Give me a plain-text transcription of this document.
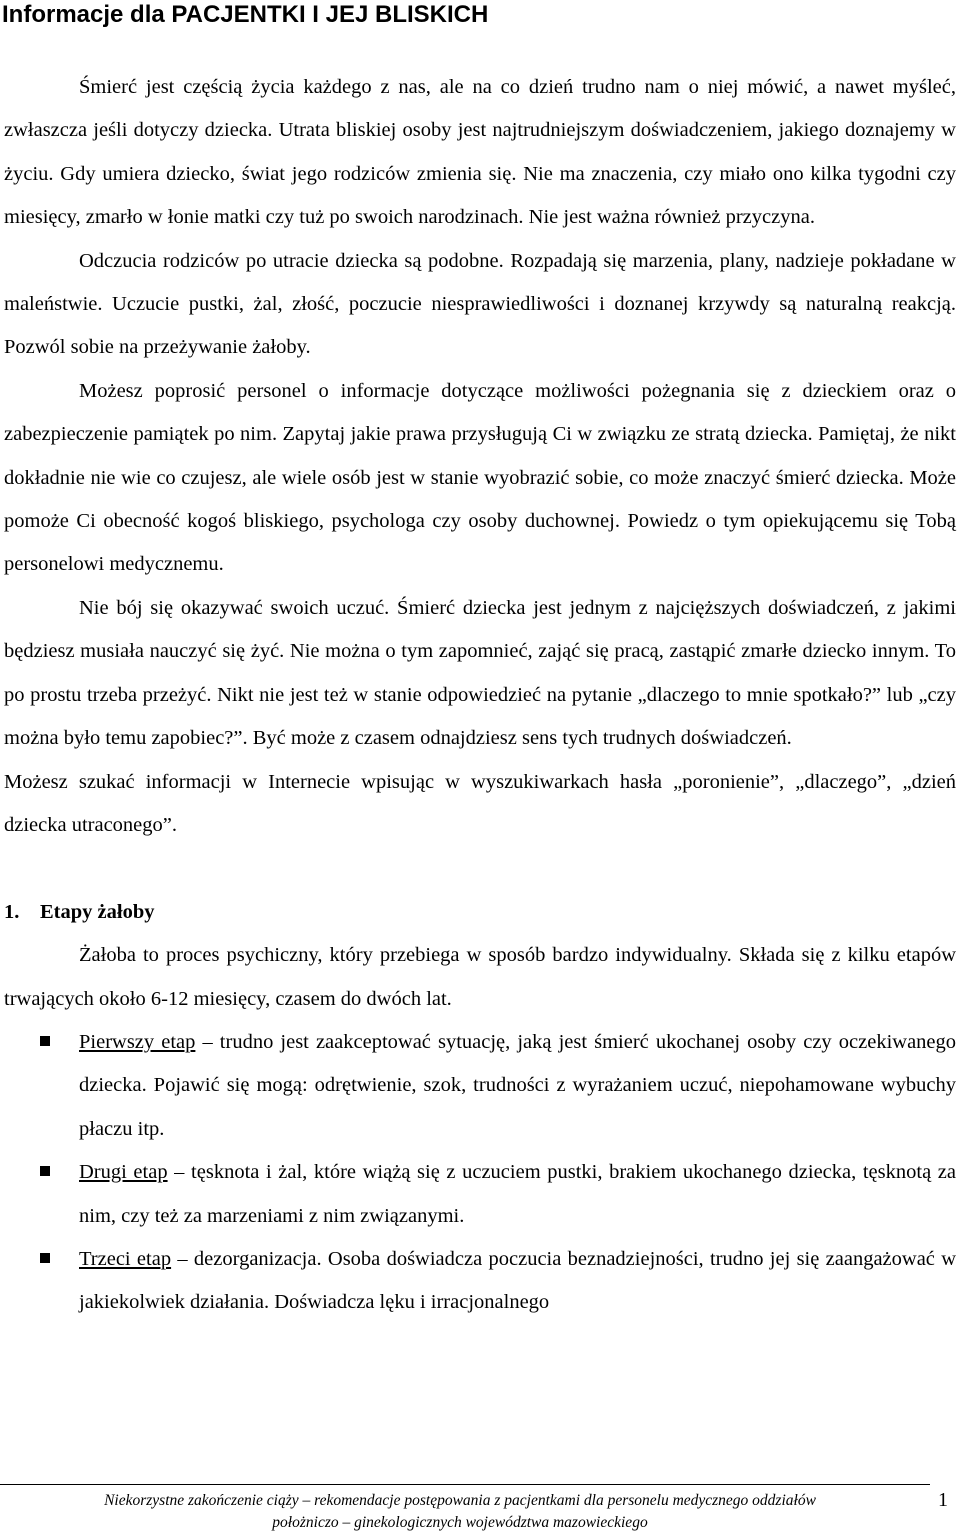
Informacje dla PACJENTKI I JEJ BLISKICH

Śmierć jest częścią życia każdego z nas, ale na co dzień trudno nam o niej mówić, a nawet myśleć, zwłaszcza jeśli dotyczy dziecka. Utrata bliskiej osoby jest najtrudniejszym doświadczeniem, jakiego doznajemy w życiu. Gdy umiera dziecko, świat jego rodziców zmienia się. Nie ma znaczenia, czy miało ono kilka tygodni czy miesięcy, zmarło w łonie matki czy tuż po swoich narodzinach. Nie jest ważna również przyczyna.

Odczucia rodziców po utracie dziecka są podobne. Rozpadają się marzenia, plany, nadzieje pokładane w maleństwie. Uczucie pustki, żal, złość, poczucie niesprawiedliwości i doznanej krzywdy są naturalną reakcją. Pozwól sobie na przeżywanie żałoby.

Możesz poprosić personel o informacje dotyczące możliwości pożegnania się z dzieckiem oraz o zabezpieczenie pamiątek po nim. Zapytaj jakie prawa przysługują Ci w związku ze stratą dziecka. Pamiętaj, że nikt dokładnie nie wie co czujesz, ale wiele osób jest w stanie wyobrazić sobie, co może znaczyć śmierć dziecka. Może pomoże Ci obecność kogoś bliskiego, psychologa czy osoby duchownej. Powiedz o tym opiekującemu się Tobą personelowi medycznemu.

Nie bój się okazywać swoich uczuć. Śmierć dziecka jest jednym z najcięższych doświadczeń, z jakimi będziesz musiała nauczyć się żyć. Nie można o tym zapomnieć, zająć się pracą, zastąpić zmarłe dziecko innym. To po prostu trzeba przeżyć. Nikt nie jest też w stanie odpowiedzieć na pytanie „dlaczego to mnie spotkało?” lub „czy można było temu zapobiec?”. Być może z czasem odnajdziesz sens tych trudnych doświadczeń.

Możesz szukać informacji w Internecie wpisując w wyszukiwarkach hasła „poronienie”, „dlaczego”, „dzień dziecka utraconego”.

1. Etapy żałoby

Żałoba to proces psychiczny, który przebiega w sposób bardzo indywidualny. Składa się z kilku etapów trwających około 6-12 miesięcy, czasem do dwóch lat.

Pierwszy etap – trudno jest zaakceptować sytuację, jaką jest śmierć ukochanej osoby czy oczekiwanego dziecka. Pojawić się mogą: odrętwienie, szok, trudności z wyrażaniem uczuć, niepohamowane wybuchy płaczu itp.
Drugi etap – tęsknota i żal, które wiążą się z uczuciem pustki, brakiem ukochanego dziecka, tęsknotą za nim, czy też za marzeniami z nim związanymi.
Trzeci etap – dezorganizacja. Osoba doświadcza poczucia beznadziejności, trudno jej się zaangażować w jakiekolwiek działania. Doświadcza lęku i irracjonalnego
Niekorzystne zakończenie ciąży – rekomendacje postępowania z pacjentkami dla personelu medycznego oddziałów
położniczo – ginekologicznych województwa mazowieckiego
1
